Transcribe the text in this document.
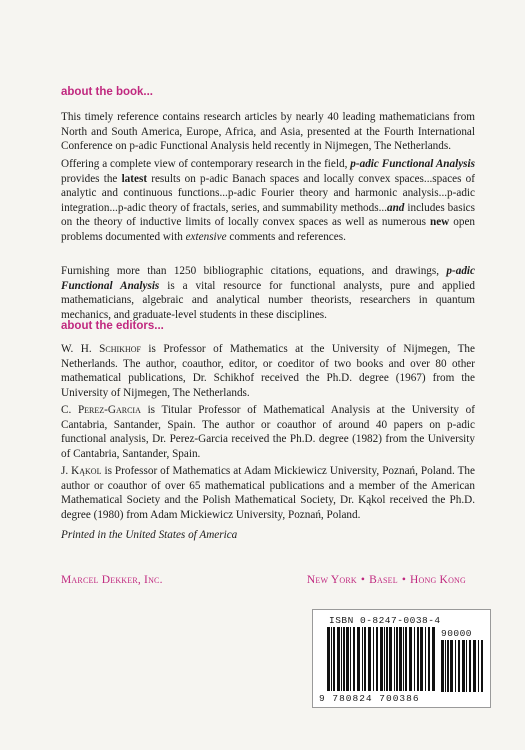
about the book...

This timely reference contains research articles by nearly 40 leading mathematicians from North and South America, Europe, Africa, and Asia, presented at the Fourth International Conference on p-adic Functional Analysis held recently in Nijmegen, The Netherlands.

Offering a complete view of contemporary research in the field, p-adic Functional Analysis provides the latest results on p-adic Banach spaces and locally convex spaces...spaces of analytic and continuous functions...p-adic Fourier theory and harmonic analysis...p-adic integration...p-adic theory of fractals, series, and summability methods...and includes basics on the theory of inductive limits of locally convex spaces as well as numerous new open problems documented with extensive comments and references.

Furnishing more than 1250 bibliographic citations, equations, and drawings, p-adic Functional Analysis is a vital resource for functional analysts, pure and applied mathematicians, algebraic and analytical number theorists, researchers in quantum mechanics, and graduate-level students in these disciplines.

about the editors...

W. H. Schikhof is Professor of Mathematics at the University of Nijmegen, The Netherlands. The author, coauthor, editor, or coeditor of two books and over 80 other mathematical publications, Dr. Schikhof received the Ph.D. degree (1967) from the University of Nijmegen, The Netherlands.

C. Perez-Garcia is Titular Professor of Mathematical Analysis at the University of Cantabria, Santander, Spain. The author or coauthor of around 40 papers on p-adic functional analysis, Dr. Perez-Garcia received the Ph.D. degree (1982) from the University of Cantabria, Santander, Spain.

J. Kąkol is Professor of Mathematics at Adam Mickiewicz University, Poznań, Poland. The author or coauthor of over 65 mathematical publications and a member of the American Mathematical Society and the Polish Mathematical Society, Dr. Kąkol received the Ph.D. degree (1980) from Adam Mickiewicz University, Poznań, Poland.

Printed in the United States of America
Marcel Dekker, Inc.	New York • Basel • Hong Kong
ISBN 0-8247-0038-4
90000
9 780824 700386
